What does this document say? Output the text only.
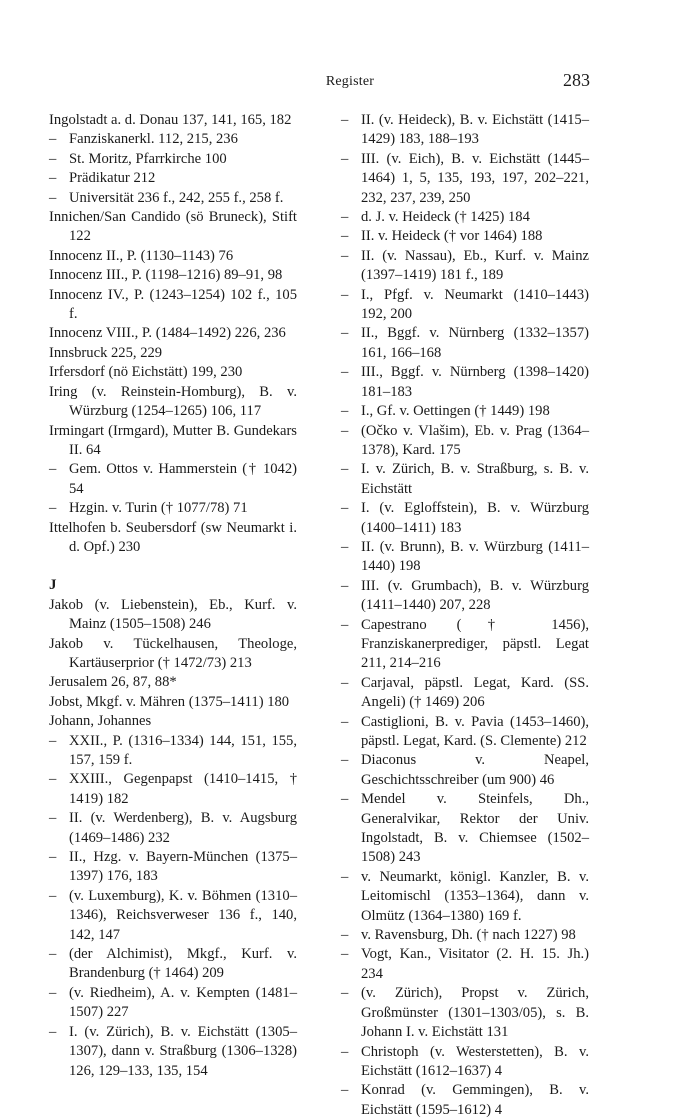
Register	283
Ingolstadt a. d. Donau 137, 141, 165, 182
– Fanziskanerkl. 112, 215, 236
– St. Moritz, Pfarrkirche 100
– Prädikatur 212
– Universität 236 f., 242, 255 f., 258 f.
Innichen/San Candido (sö Bruneck), Stift 122
Innocenz II., P. (1130–1143) 76
Innocenz III., P. (1198–1216) 89–91, 98
Innocenz IV., P. (1243–1254) 102 f., 105 f.
Innocenz VIII., P. (1484–1492) 226, 236
Innsbruck 225, 229
Irfersdorf (nö Eichstätt) 199, 230
Iring (v. Reinstein-Homburg), B. v. Würzburg (1254–1265) 106, 117
Irmingart (Irmgard), Mutter B. Gundekars II. 64
– Gem. Ottos v. Hammerstein († 1042) 54
– Hzgin. v. Turin († 1077/78) 71
Ittelhofen b. Seubersdorf (sw Neumarkt i. d. Opf.) 230
J
Jakob (v. Liebenstein), Eb., Kurf. v. Mainz (1505–1508) 246
Jakob v. Tückelhausen, Theologe, Kartäuserprior († 1472/73) 213
Jerusalem 26, 87, 88*
Jobst, Mkgf. v. Mähren (1375–1411) 180
Johann, Johannes
– XXII., P. (1316–1334) 144, 151, 155, 157, 159 f.
– XXIII., Gegenpapst (1410–1415, † 1419) 182
– II. (v. Werdenberg), B. v. Augsburg (1469–1486) 232
– II., Hzg. v. Bayern-München (1375–1397) 176, 183
– (v. Luxemburg), K. v. Böhmen (1310–1346), Reichsverweser 136 f., 140, 142, 147
– (der Alchimist), Mkgf., Kurf. v. Brandenburg († 1464) 209
– (v. Riedheim), A. v. Kempten (1481–1507) 227
– I. (v. Zürich), B. v. Eichstätt (1305–1307), dann v. Straßburg (1306–1328) 126, 129–133, 135, 154
– II. (v. Heideck), B. v. Eichstätt (1415–1429) 183, 188–193
– III. (v. Eich), B. v. Eichstätt (1445–1464) 1, 5, 135, 193, 197, 202–221, 232, 237, 239, 250
– d. J. v. Heideck († 1425) 184
– II. v. Heideck († vor 1464) 188
– II. (v. Nassau), Eb., Kurf. v. Mainz (1397–1419) 181 f., 189
– I., Pfgf. v. Neumarkt (1410–1443) 192, 200
– II., Bggf. v. Nürnberg (1332–1357) 161, 166–168
– III., Bggf. v. Nürnberg (1398–1420) 181–183
– I., Gf. v. Oettingen († 1449) 198
– (Očko v. Vlašim), Eb. v. Prag (1364–1378), Kard. 175
– I. v. Zürich, B. v. Straßburg, s. B. v. Eichstätt
– I. (v. Egloffstein), B. v. Würzburg (1400–1411) 183
– II. (v. Brunn), B. v. Würzburg (1411–1440) 198
– III. (v. Grumbach), B. v. Würzburg (1411–1440) 207, 228
– Capestrano († 1456), Franziskanerprediger, päpstl. Legat 211, 214–216
– Carjaval, päpstl. Legat, Kard. (SS. Angeli) († 1469) 206
– Castiglioni, B. v. Pavia (1453–1460), päpstl. Legat, Kard. (S. Clemente) 212
– Diaconus v. Neapel, Geschichtsschreiber (um 900) 46
– Mendel v. Steinfels, Dh., Generalvikar, Rektor der Univ. Ingolstadt, B. v. Chiemsee (1502–1508) 243
– v. Neumarkt, königl. Kanzler, B. v. Leitomischl (1353–1364), dann v. Olmütz (1364–1380) 169 f.
– v. Ravensburg, Dh. († nach 1227) 98
– Vogt, Kan., Visitator (2. H. 15. Jh.) 234
– (v. Zürich), Propst v. Zürich, Großmünster (1301–1303/05), s. B. Johann I. v. Eichstätt 131
– Christoph (v. Westerstetten), B. v. Eichstätt (1612–1637) 4
– Konrad (v. Gemmingen), B. v. Eichstätt (1595–1612) 4
